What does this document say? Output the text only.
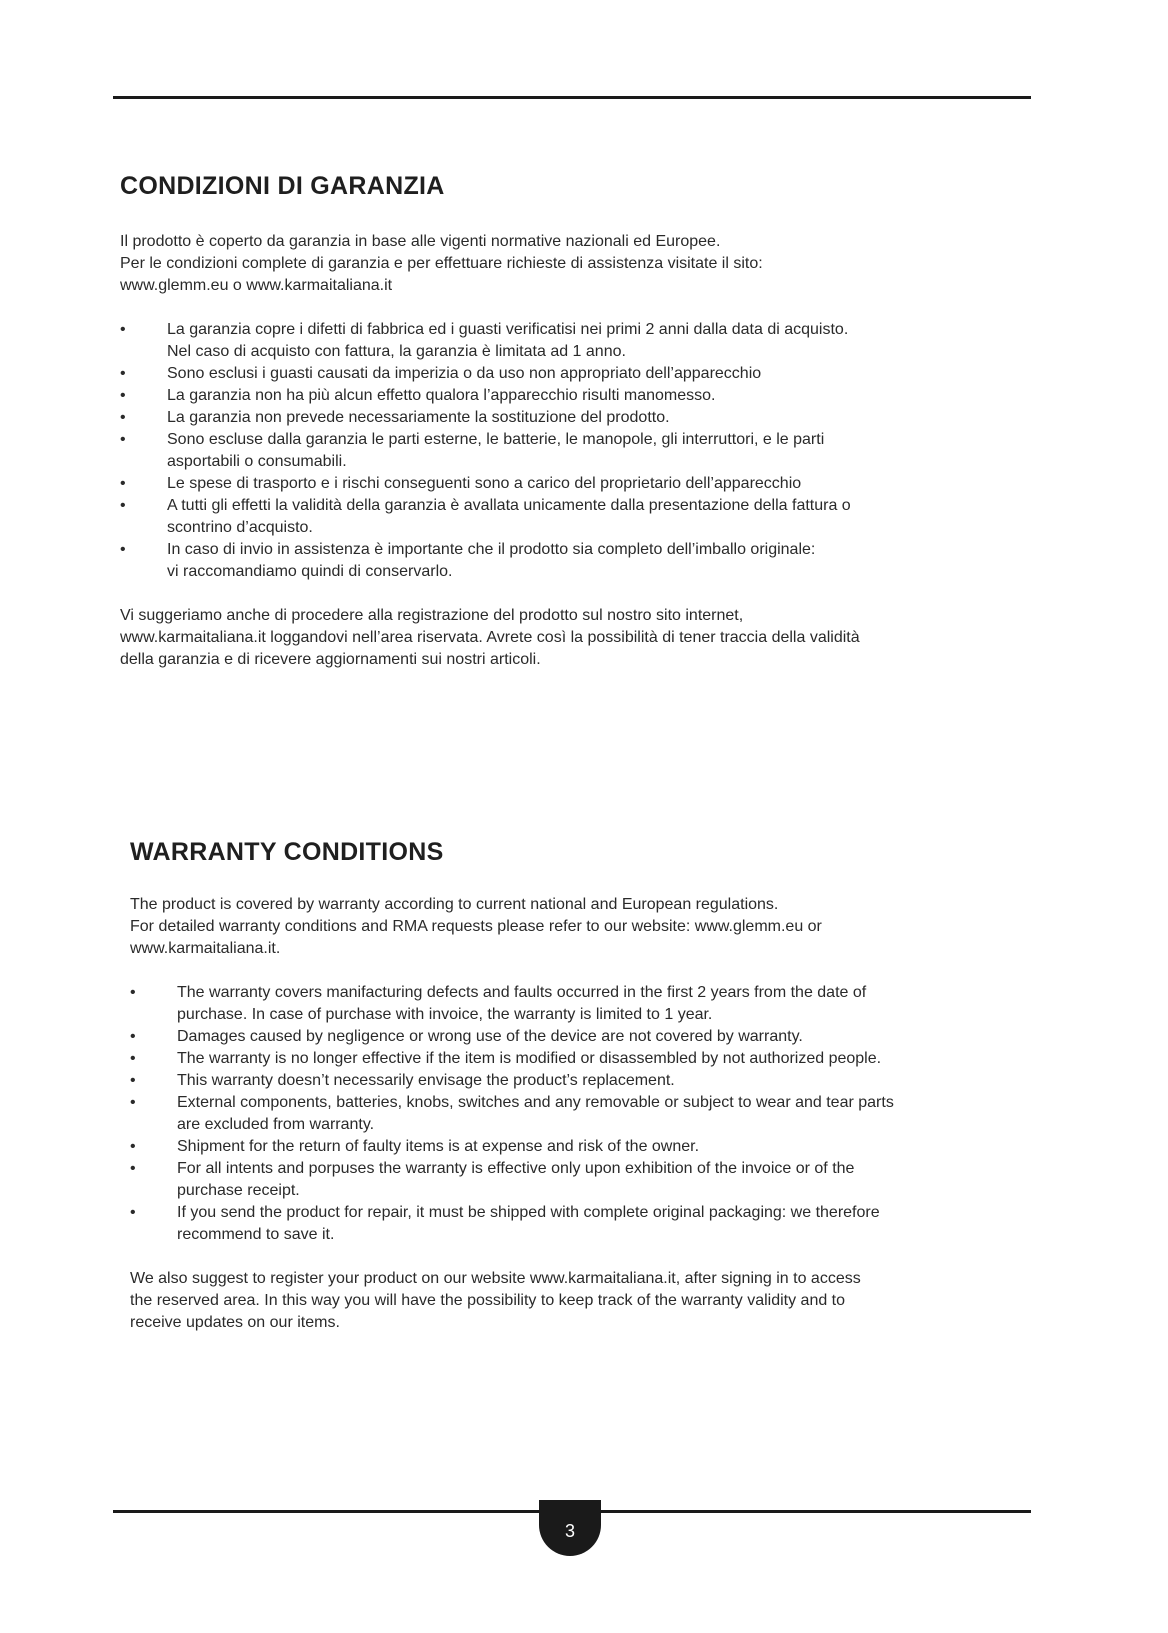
CONDIZIONI DI GARANZIA

Il prodotto è coperto da garanzia in base alle vigenti normative nazionali ed Europee.
Per le condizioni complete di garanzia e per effettuare richieste di assistenza visitate il sito:
www.glemm.eu o www.karmaitaliana.it

•	La garanzia copre i difetti di fabbrica ed i guasti verificatisi nei primi 2 anni dalla data di acquisto.
Nel caso di acquisto con fattura, la garanzia è limitata ad 1 anno.
•	Sono esclusi i guasti causati da imperizia o da uso non appropriato dell’apparecchio
•	La garanzia non ha più alcun effetto qualora l’apparecchio risulti manomesso.
•	La garanzia non prevede necessariamente la sostituzione del prodotto.
•	Sono escluse dalla garanzia le parti esterne, le batterie, le manopole, gli interruttori, e le parti
asportabili o consumabili.
•	Le spese di trasporto e i rischi conseguenti sono a carico del proprietario dell’apparecchio
•	A tutti gli effetti la validità della garanzia è avallata unicamente dalla presentazione della fattura o
scontrino d’acquisto.
•	In caso di invio in assistenza è importante che il prodotto sia completo dell’imballo originale:
vi raccomandiamo quindi di conservarlo.

Vi suggeriamo anche di procedere alla registrazione del prodotto sul nostro sito internet,
www.karmaitaliana.it loggandovi nell’area riservata. Avrete così la possibilità di tener traccia della validità
della garanzia e di ricevere aggiornamenti sui nostri articoli.

WARRANTY CONDITIONS

The product is covered by warranty according to current national and European regulations.
For detailed warranty conditions and RMA requests please refer to our website: www.glemm.eu or
www.karmaitaliana.it.

•	The warranty covers manifacturing defects and faults occurred in the first 2 years from the date of
purchase. In case of purchase with invoice, the warranty is limited to 1 year.
•	Damages caused by negligence or wrong use of the device are not covered by warranty.
•	The warranty is no longer effective if the item is modified or disassembled by not authorized people.
•	This warranty doesn’t necessarily envisage the product’s replacement.
•	External components, batteries, knobs, switches and any removable or subject to wear and tear parts
are excluded from warranty.
•	Shipment for the return of faulty items is at expense and risk of the owner.
•	For all intents and porpuses the warranty is effective only upon exhibition of the invoice or of the
purchase receipt.
•	If you send the product for repair, it must be shipped with complete original packaging: we therefore
recommend to save it.

We also suggest to register your product on our website www.karmaitaliana.it, after signing in to access
the reserved area. In this way you will have the possibility to keep track of the warranty validity and to
receive updates on our items.

3
